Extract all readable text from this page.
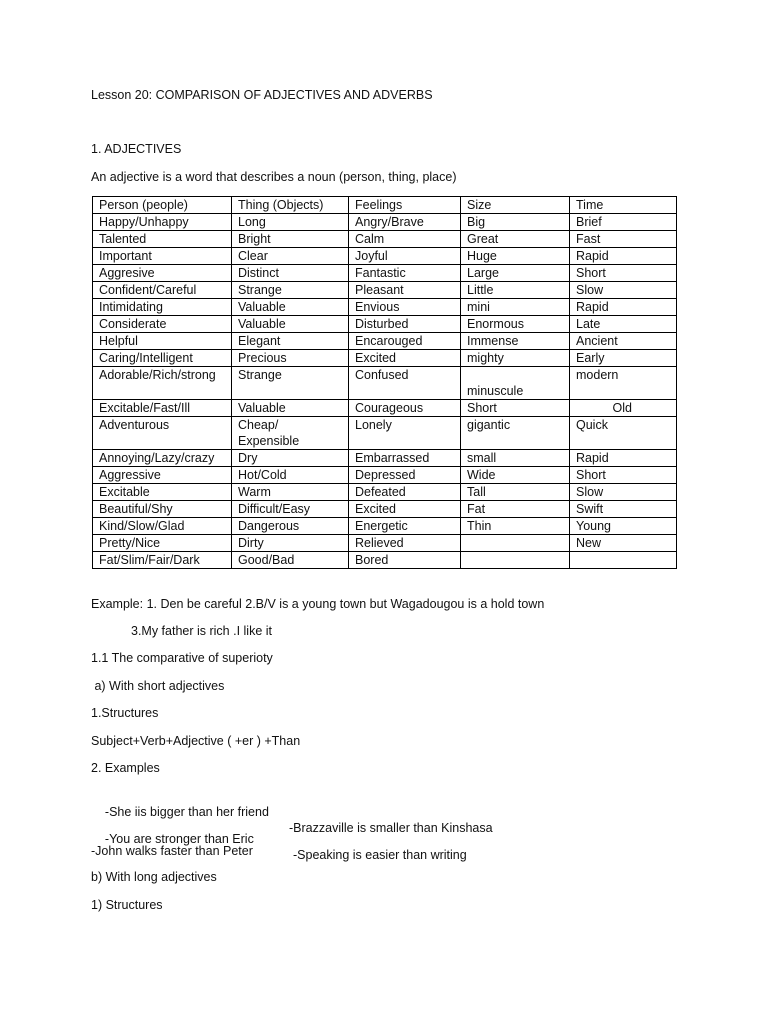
Lesson 20: COMPARISON OF ADJECTIVES AND ADVERBS
1. ADJECTIVES
An adjective is a word that describes a noun (person, thing, place)
Person (people)	Thing (Objects)	Feelings	Size	Time
Happy/Unhappy	Long	Angry/Brave	Big	Brief
Talented	Bright	Calm	Great	Fast
Important	Clear	Joyful	Huge	Rapid
Aggresive	Distinct	Fantastic	Large	Short
Confident/Careful	Strange	Pleasant	Little	Slow
Intimidating	Valuable	Envious	mini	Rapid
Considerate	Valuable	Disturbed	Enormous	Late
Helpful	Elegant	Encarouged	Immense	Ancient
Caring/Intelligent	Precious	Excited	mighty	Early
Adorable/Rich/strong	Strange	Confused	minuscule	modern
Excitable/Fast/Ill	Valuable	Courageous	Short	Old
Adventurous	Cheap/ Expensible	Lonely	gigantic	Quick
Annoying/Lazy/crazy	Dry	Embarrassed	small	Rapid
Aggressive	Hot/Cold	Depressed	Wide	Short
Excitable	Warm	Defeated	Tall	Slow
Beautiful/Shy	Difficult/Easy	Excited	Fat	Swift
Kind/Slow/Glad	Dangerous	Energetic	Thin	Young
Pretty/Nice	Dirty	Relieved		New
Fat/Slim/Fair/Dark	Good/Bad	Bored		
Example: 1. Den be careful 2.B/V is a young town but Wagadougou is a hold town
3.My father is rich .I like it
1.1 The comparative of superioty
a) With short adjectives
1.Structures
Subject+Verb+Adjective ( +er ) +Than
2. Examples

-She iis bigger than her friend

-Brazzaville is smaller than Kinshasa

-You are stronger than Eric

-Speaking is easier than writing

-John walks faster than Peter
b) With long adjectives
1) Structures
